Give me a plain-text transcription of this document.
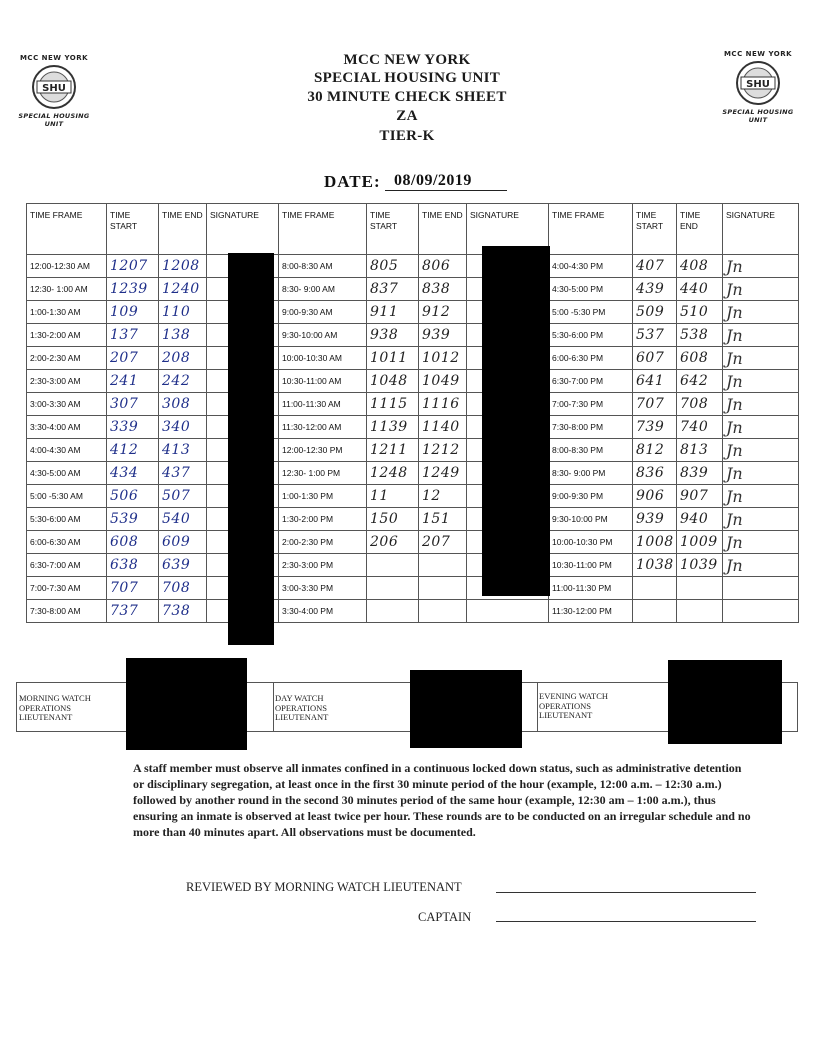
MCC NEW YORK
SHU
SPECIAL HOUSING UNIT
MCC NEW YORK
SHU
SPECIAL HOUSING UNIT
MCC NEW YORK
SPECIAL HOUSING UNIT
30 MINUTE CHECK SHEET
ZA
TIER-K
DATE: 08/09/2019
TIME FRAME	TIME START	TIME END	SIGNATURE	TIME FRAME	TIME START	TIME END	SIGNATURE	TIME FRAME	TIME START	TIME END	SIGNATURE
12:00-12:30 AM	1207	1208		8:00-8:30 AM	805	806		4:00-4:30 PM	407	408	Jn
12:30- 1:00 AM	1239	1240		8:30- 9:00 AM	837	838		4:30-5:00 PM	439	440	Jn
1:00-1:30 AM	109	110		9:00-9:30 AM	911	912		5:00 -5:30 PM	509	510	Jn
1:30-2:00 AM	137	138		9:30-10:00 AM	938	939		5:30-6:00 PM	537	538	Jn
2:00-2:30 AM	207	208		10:00-10:30 AM	1011	1012		6:00-6:30 PM	607	608	Jn
2:30-3:00 AM	241	242		10:30-11:00 AM	1048	1049		6:30-7:00 PM	641	642	Jn
3:00-3:30 AM	307	308		11:00-11:30 AM	1115	1116		7:00-7:30 PM	707	708	Jn
3:30-4:00 AM	339	340		11:30-12:00 AM	1139	1140		7:30-8:00 PM	739	740	Jn
4:00-4:30 AM	412	413		12:00-12:30 PM	1211	1212		8:00-8:30 PM	812	813	Jn
4:30-5:00 AM	434	437		12:30- 1:00 PM	1248	1249		8:30- 9:00 PM	836	839	Jn
5:00 -5:30 AM	506	507		1:00-1:30 PM	11	12		9:00-9:30 PM	906	907	Jn
5:30-6:00 AM	539	540		1:30-2:00 PM	150	151		9:30-10:00 PM	939	940	Jn
6:00-6:30 AM	608	609		2:00-2:30 PM	206	207		10:00-10:30 PM	1008	1009	Jn
6:30-7:00 AM	638	639		2:30-3:00 PM				10:30-11:00 PM	1038	1039	Jn
7:00-7:30 AM	707	708		3:00-3:30 PM				11:00-11:30 PM			
7:30-8:00 AM	737	738		3:30-4:00 PM				11:30-12:00 PM			
MORNING WATCH OPERATIONS LIEUTENANT
DAY WATCH OPERATIONS LIEUTENANT
EVENING WATCH OPERATIONS LIEUTENANT
A staff member must observe all inmates confined in a continuous locked down status, such as administrative detention or disciplinary segregation, at least once in the first 30 minute period of the hour (example, 12:00 a.m. – 12:30 a.m.) followed by another round in the second 30 minutes period of the same hour (example, 12:30 am – 1:00 a.m.), thus ensuring an inmate is observed at least twice per hour. These rounds are to be conducted on an irregular schedule and no more than 40 minutes apart. All observations must be documented.
REVIEWED BY MORNING WATCH LIEUTENANT
CAPTAIN
